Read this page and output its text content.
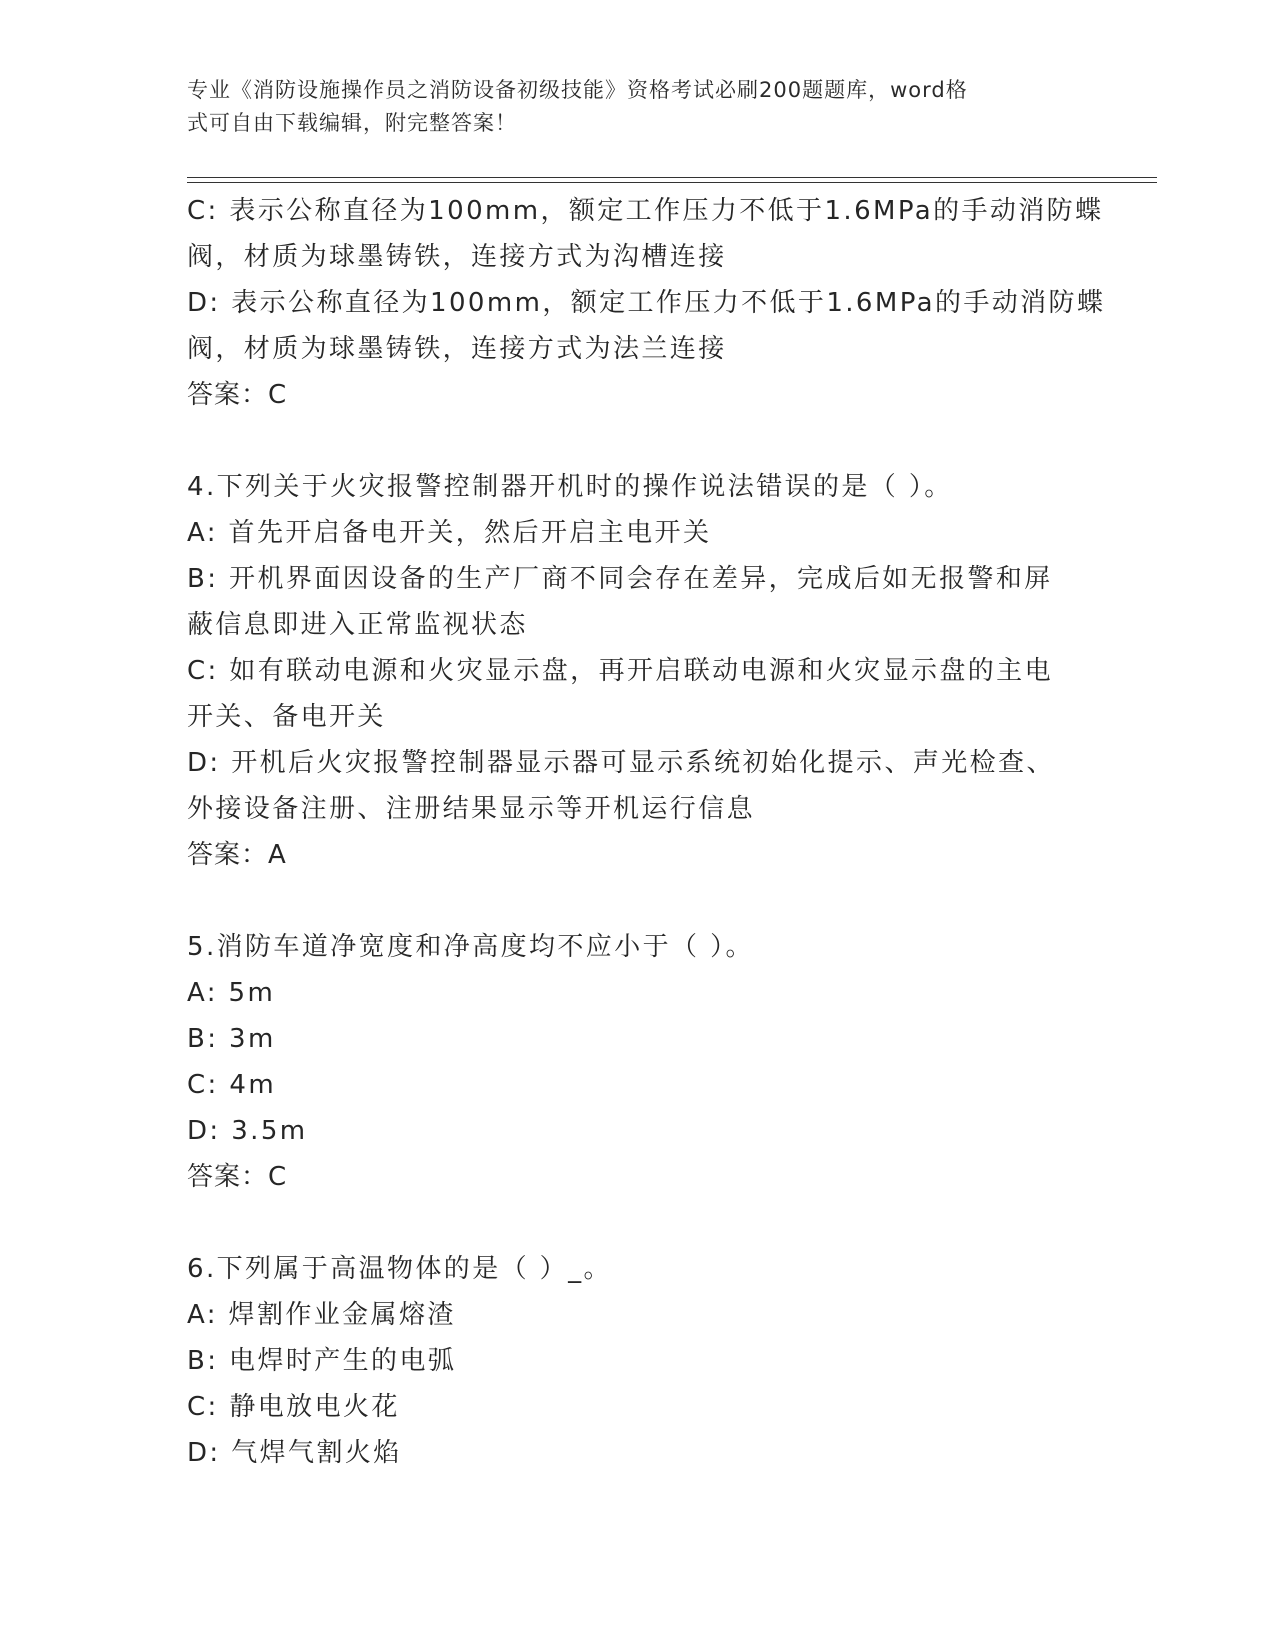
专业《消防设施操作员之消防设备初级技能》资格考试必刷200题题库，word格
式可自由下载编辑，附完整答案！
C: 表示公称直径为100mm，额定工作压力不低于1.6MPa的手动消防蝶
阀，材质为球墨铸铁，连接方式为沟槽连接
D: 表示公称直径为100mm，额定工作压力不低于1.6MPa的手动消防蝶
阀，材质为球墨铸铁，连接方式为法兰连接
答案：C
4.下列关于火灾报警控制器开机时的操作说法错误的是（ ）。
A: 首先开启备电开关，然后开启主电开关
B: 开机界面因设备的生产厂商不同会存在差异，完成后如无报警和屏
蔽信息即进入正常监视状态
C: 如有联动电源和火灾显示盘，再开启联动电源和火灾显示盘的主电
开关、备电开关
D: 开机后火灾报警控制器显示器可显示系统初始化提示、声光检查、
外接设备注册、注册结果显示等开机运行信息
答案：A
5.消防车道净宽度和净高度均不应小于（ ）。
A: 5m
B: 3m
C: 4m
D: 3.5m
答案：C
6.下列属于高温物体的是（ ）_。
A: 焊割作业金属熔渣
B: 电焊时产生的电弧
C: 静电放电火花
D: 气焊气割火焰
